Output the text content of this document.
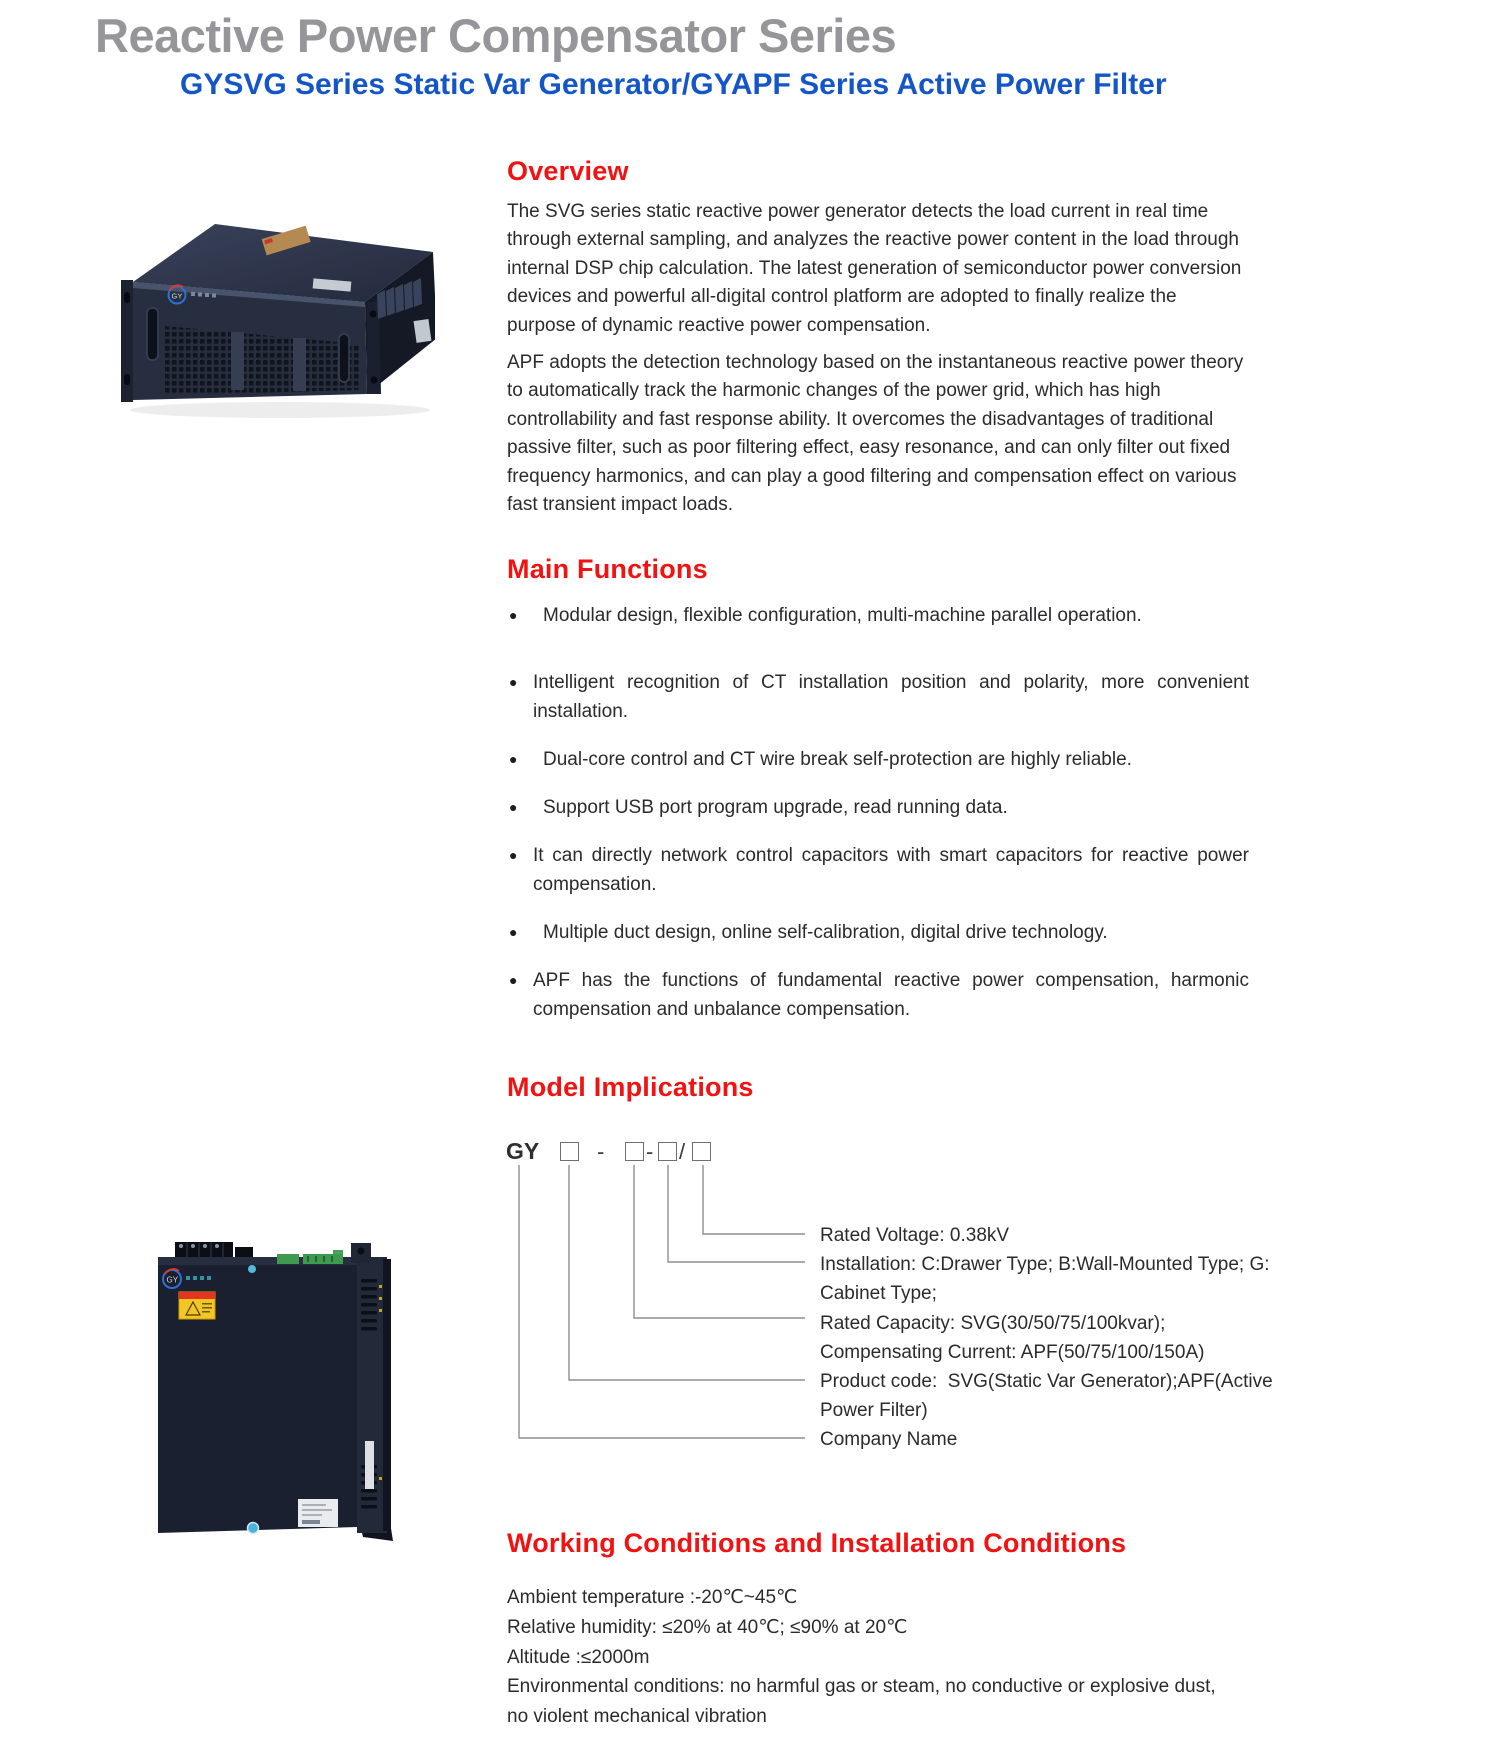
Reactive Power Compensator Series
GYSVG Series Static Var Generator/GYAPF Series Active Power Filter
GY
Overview
The SVG series static reactive power generator detects the load current in real time through external sampling, and analyzes the reactive power content in the load through internal DSP chip calculation. The latest generation of semiconductor power conversion devices and powerful all-digital control platform are adopted to finally realize the purpose of dynamic reactive power compensation.
APF adopts the detection technology based on the instantaneous reactive power theory to automatically track the harmonic changes of the power grid, which has high controllability and fast response ability. It overcomes the disadvantages of traditional passive filter, such as poor filtering effect, easy resonance, and can only filter out fixed frequency harmonics, and can play a good filtering and compensation effect on various fast transient impact loads.
Main Functions
● Modular design, flexible configuration, multi-machine parallel operation.
● Intelligent recognition of CT installation position and polarity, more convenient installation.
● Dual-core control and CT wire break self-protection are highly reliable.
● Support USB port program upgrade, read running data.
● It can directly network control capacitors with smart capacitors for reactive power compensation.
● Multiple duct design, online self-calibration, digital drive technology.
● APF has the functions of fundamental reactive power compensation, harmonic compensation and unbalance compensation.
Model Implications
GY	- - /
Rated Voltage: 0.38kV
Installation: C:Drawer Type; B:Wall-Mounted Type; G:
Cabinet Type;
Rated Capacity: SVG(30/50/75/100kvar);
Compensating Current: APF(50/75/100/150A)
Product code:  SVG(Static Var Generator);APF(Active
Power Filter)
Company Name
GY
Working Conditions and Installation Conditions
Ambient temperature :-20℃~45℃
Relative humidity: ≤20% at 40℃; ≤90% at 20℃
Altitude :≤2000m
Environmental conditions: no harmful gas or steam, no conductive or explosive dust,
no violent mechanical vibration
